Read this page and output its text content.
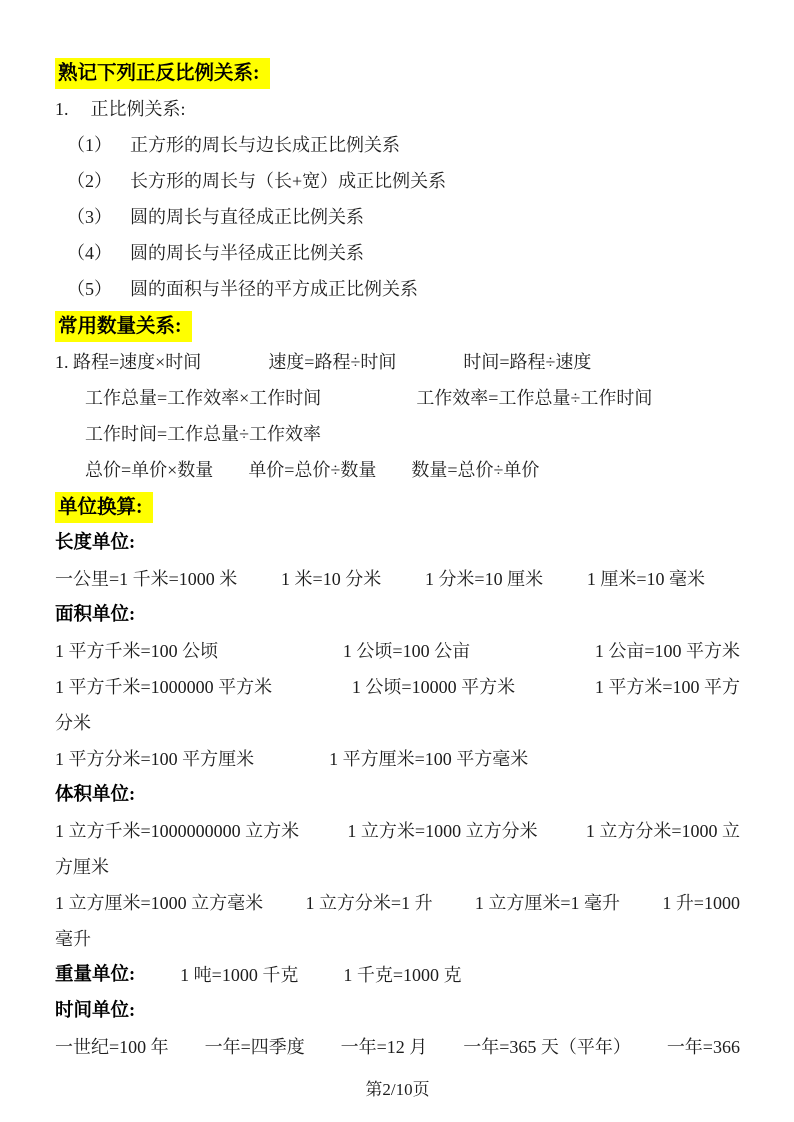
熟记下列正反比例关系:
1. 正比例关系:
（1） 正方形的周长与边长成正比例关系
（2） 长方形的周长与（长+宽）成正比例关系
（3） 圆的周长与直径成正比例关系
（4） 圆的周长与半径成正比例关系
（5） 圆的面积与半径的平方成正比例关系
常用数量关系:
1. 路程=速度×时间	速度=路程÷时间	时间=路程÷速度
工作总量=工作效率×工作时间	工作效率=工作总量÷工作时间
工作时间=工作总量÷工作效率
总价=单价×数量 单价=总价÷数量 数量=总价÷单价
单位换算:
长度单位:
一公里=1 千米=1000 米 1 米=10 分米 1 分米=10 厘米 1 厘米=10 毫米
面积单位:
1 平方千米=100 公顷	1 公顷=100 公亩	1 公亩=100 平方米
1 平方千米=1000000 平方米	1 公顷=10000 平方米	1 平方米=100 平方
分米
1 平方分米=100 平方厘米	1 平方厘米=100 平方毫米
体积单位:
1 立方千米=1000000000 立方米	1 立方米=1000 立方分米	1 立方分米=1000 立
方厘米
1 立方厘米=1000 立方毫米 1 立方分米=1 升 1 立方厘米=1 毫升 1 升=1000
毫升
重量单位:	1 吨=1000 千克	1 千克=1000 克
时间单位:
一世纪=100 年 一年=四季度 一年=12 月 一年=365 天（平年） 一年=366
第2/10页
